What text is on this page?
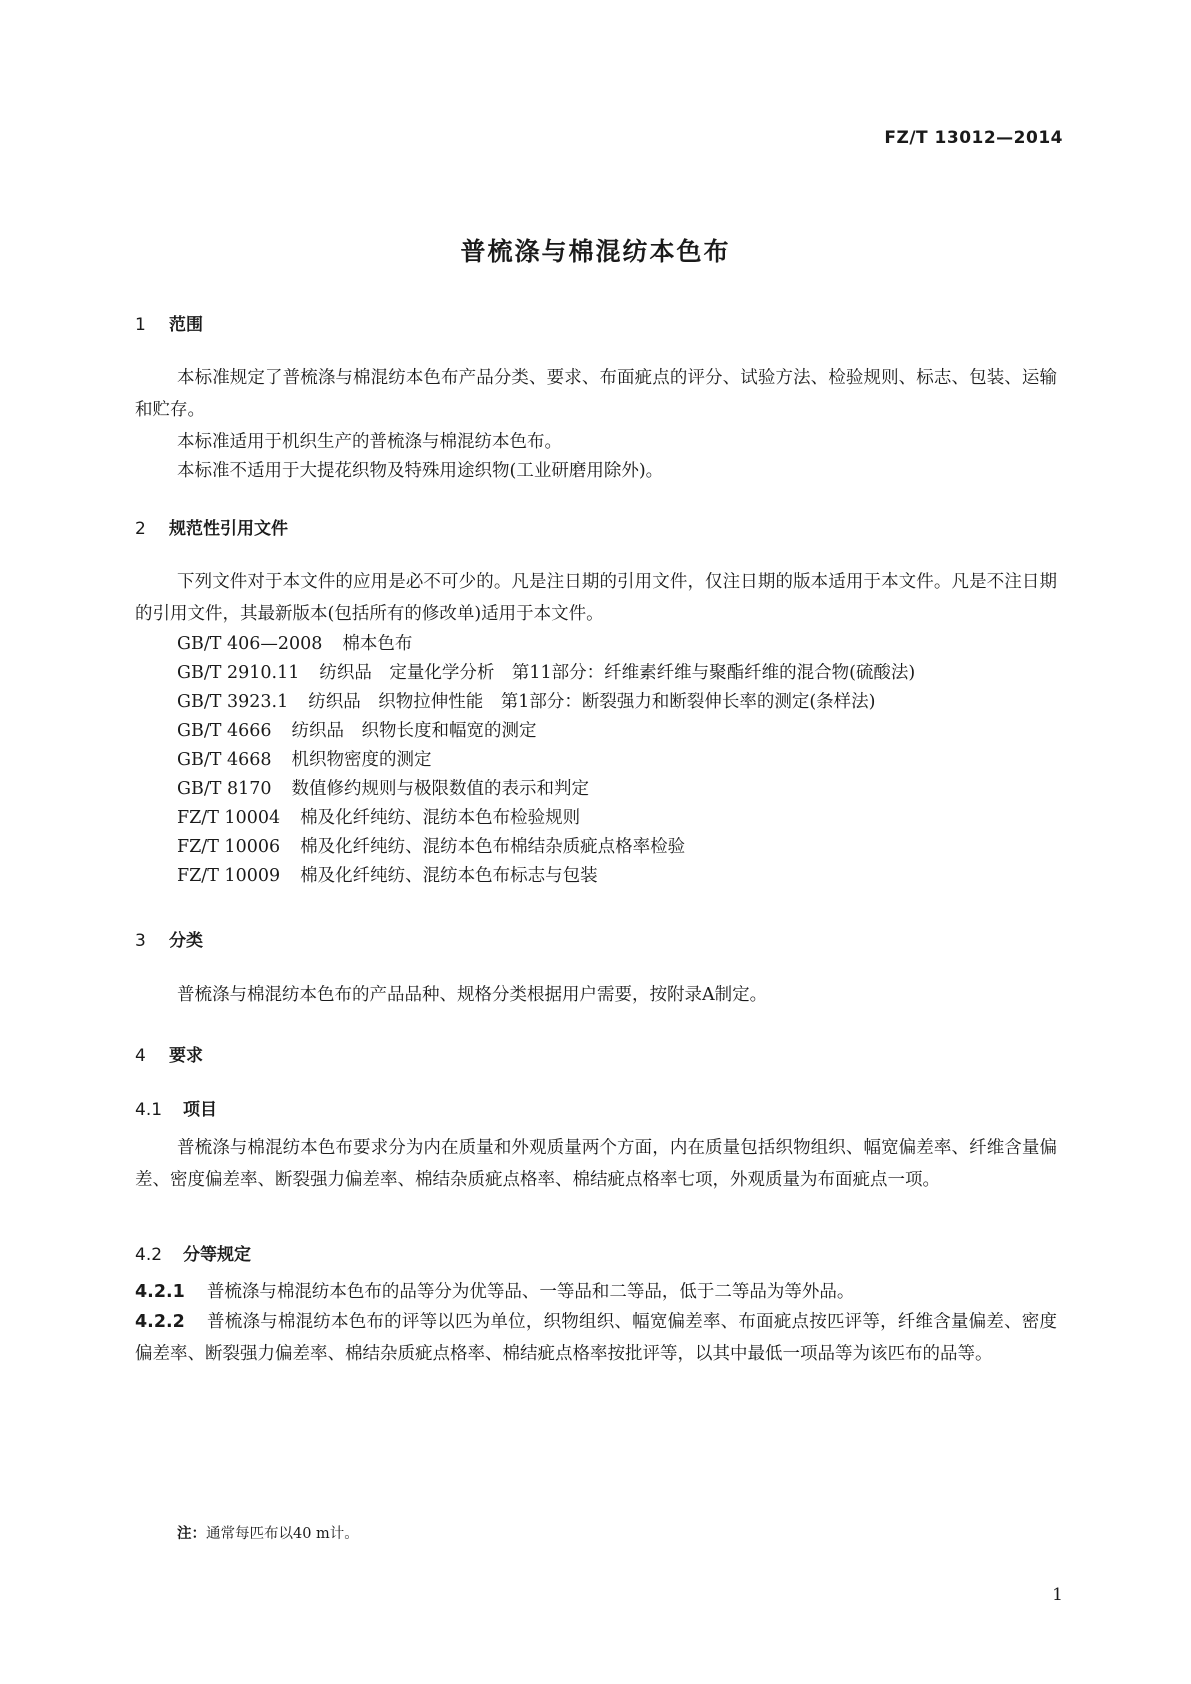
FZ/T 13012—2014
普梳涤与棉混纺本色布
1 范围
本标准规定了普梳涤与棉混纺本色布产品分类、要求、布面疵点的评分、试验方法、检验规则、标志、包装、运输和贮存。
本标准适用于机织生产的普梳涤与棉混纺本色布。
本标准不适用于大提花织物及特殊用途织物(工业研磨用除外)。
2 规范性引用文件
下列文件对于本文件的应用是必不可少的。凡是注日期的引用文件，仅注日期的版本适用于本文件。凡是不注日期的引用文件，其最新版本(包括所有的修改单)适用于本文件。
GB/T 406—2008 棉本色布
GB/T 2910.11 纺织品　定量化学分析　第11部分：纤维素纤维与聚酯纤维的混合物(硫酸法)
GB/T 3923.1 纺织品　织物拉伸性能　第1部分：断裂强力和断裂伸长率的测定(条样法)
GB/T 4666 纺织品　织物长度和幅宽的测定
GB/T 4668 机织物密度的测定
GB/T 8170 数值修约规则与极限数值的表示和判定
FZ/T 10004 棉及化纤纯纺、混纺本色布检验规则
FZ/T 10006 棉及化纤纯纺、混纺本色布棉结杂质疵点格率检验
FZ/T 10009 棉及化纤纯纺、混纺本色布标志与包装
3 分类
普梳涤与棉混纺本色布的产品品种、规格分类根据用户需要，按附录A制定。
4 要求
4.1 项目
普梳涤与棉混纺本色布要求分为内在质量和外观质量两个方面，内在质量包括织物组织、幅宽偏差率、纤维含量偏差、密度偏差率、断裂强力偏差率、棉结杂质疵点格率、棉结疵点格率七项，外观质量为布面疵点一项。
4.2 分等规定
4.2.1 普梳涤与棉混纺本色布的品等分为优等品、一等品和二等品，低于二等品为等外品。
4.2.2 普梳涤与棉混纺本色布的评等以匹为单位，织物组织、幅宽偏差率、布面疵点按匹评等，纤维含量偏差、密度偏差率、断裂强力偏差率、棉结杂质疵点格率、棉结疵点格率按批评等，以其中最低一项品等为该匹布的品等。
注：通常每匹布以40 m计。
1
